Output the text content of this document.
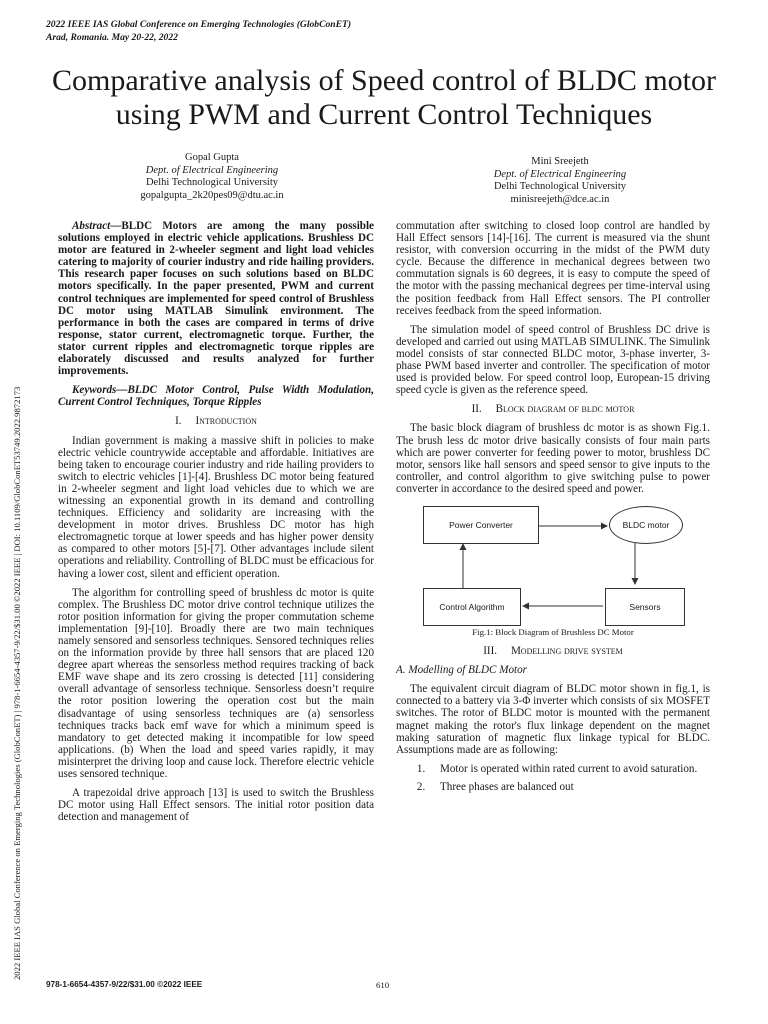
2022 IEEE IAS Global Conference on Emerging Technologies (GlobConET) | 978-1-6654-4357-9/22/$31.00 ©2022 IEEE | DOI: 10.1109/GlobConET53749.2022.9872173
2022 IEEE IAS Global Conference on Emerging Technologies (GlobConET)
Arad, Romania. May 20-22, 2022
Comparative analysis of Speed control of BLDC motor using PWM and Current Control Techniques
Gopal Gupta
Dept. of Electrical Engineering
Delhi Technological University
gopalgupta_2k20pes09@dtu.ac.in
Mini Sreejeth
Dept. of Electrical Engineering
Delhi Technological University
minisreejeth@dce.ac.in

Abstract—BLDC Motors are among the many possible solutions employed in electric vehicle applications. Brushless DC motor are featured in 2-wheeler segment and light load vehicles catering to majority of courier industry and ride hailing providers. This research paper focuses on such solutions based on BLDC motors specifically. In the paper presented, PWM and current control techniques are implemented for speed control of Brushless DC motor using MATLAB Simulink environment. The performance in both the cases are compared in terms of drive response, stator current, electromagnetic torque. Further, the stator current ripples and electromagnetic torque ripples are elaborately discussed and results analyzed for further improvements.

Keywords—BLDC Motor Control, Pulse Width Modulation, Current Control Techniques, Torque Ripples

I. Introduction

Indian government is making a massive shift in policies to make electric vehicle countrywide acceptable and affordable. Initiatives are being taken to encourage courier industry and ride hailing providers to switch to electric vehicles [1]-[4]. Brushless DC motor being featured in 2-wheeler segment and light load vehicles due to which we are witnessing an exponential growth in its demand and controlling techniques. Efficiency and solidarity are increasing with the development in motor drives. Brushless DC motor has high electromagnetic torque at lower speeds and has higher power density as compared to other motors [5]-[7]. Other advantages include silent operations and reliability. Controlling of BLDC must be efficacious for having a lower cost, silent and efficient operation.

The algorithm for controlling speed of brushless dc motor is quite complex. The Brushless DC motor drive control technique utilizes the rotor position information for giving the proper commutation scheme implementation [9]-[10]. Broadly there are two main techniques namely sensored and sensorless techniques. Sensored techniques relies on the information provide by three hall sensors that are placed 120 degree apart whereas the sensorless method requires tracking of back EMF wave shape and its zero crossing is detected [11] considering overall advantage of sensorless technique. Sensorless doesn’t require the rotor position lowering the operation cost but the main disadvantage of using sensorless techniques are (a) sensorless techniques tracks back emf wave for which a minimum speed is mandatory to get detected making it incompatible for low speed applications. (b) When the load and speed varies rapidly, it may misinterpret the driving loop and cause lock. Therefore electric vehicle uses sensored technique.

A trapezoidal drive approach [13] is used to switch the Brushless DC motor using Hall Effect sensors. The initial rotor position data detection and management of

commutation after switching to closed loop control are handled by Hall Effect sensors [14]-[16]. The current is measured via the shunt resistor, with conversion occurring in the midst of the PWM duty cycle. Because the difference in mechanical degrees between two commutation signals is 60 degrees, it is easy to compute the speed of the motor with the passing mechanical degrees per time-interval using the position feedback from Hall Effect sensors. The PI controller receives feedback from the speed information.

The simulation model of speed control of Brushless DC drive is developed and carried out using MATLAB SIMULINK. The Simulink model consists of star connected BLDC motor, 3-phase inverter, 3-phase PWM based inverter and controller. The specification of motor used is provided below. For speed control loop, European-15 driving speed cycle is given as the reference speed.

II. Block diagram of bldc motor

The basic block diagram of brushless dc motor is as shown Fig.1. The brush less dc motor drive basically consists of four main parts which are power converter for feeding power to motor, brushless DC motor, sensors like hall sensors and speed sensor to give inputs to the controller, and control algorithm to give switching pulse to power converter in accordance to the desired speed and power.

Power Converter	BLDC motor
Control Algorithm	Sensors

Fig.1: Block Diagram of Brushless DC Motor

III. Modelling drive system

A. Modelling of BLDC Motor

The equivalent circuit diagram of BLDC motor shown in fig.1, is connected to a battery via 3-Φ inverter which consists of six MOSFET switches. The rotor of BLDC motor is mounted with the permanent magnet making the rotor's flux linkage dependent on the magnet making saturation of magnetic flux linkage typical for BLDC. Assumptions made are as following:

1. Motor is operated within rated current to avoid saturation.
2. Three phases are balanced out
978-1-6654-4357-9/22/$31.00 ©2022 IEEE	610
